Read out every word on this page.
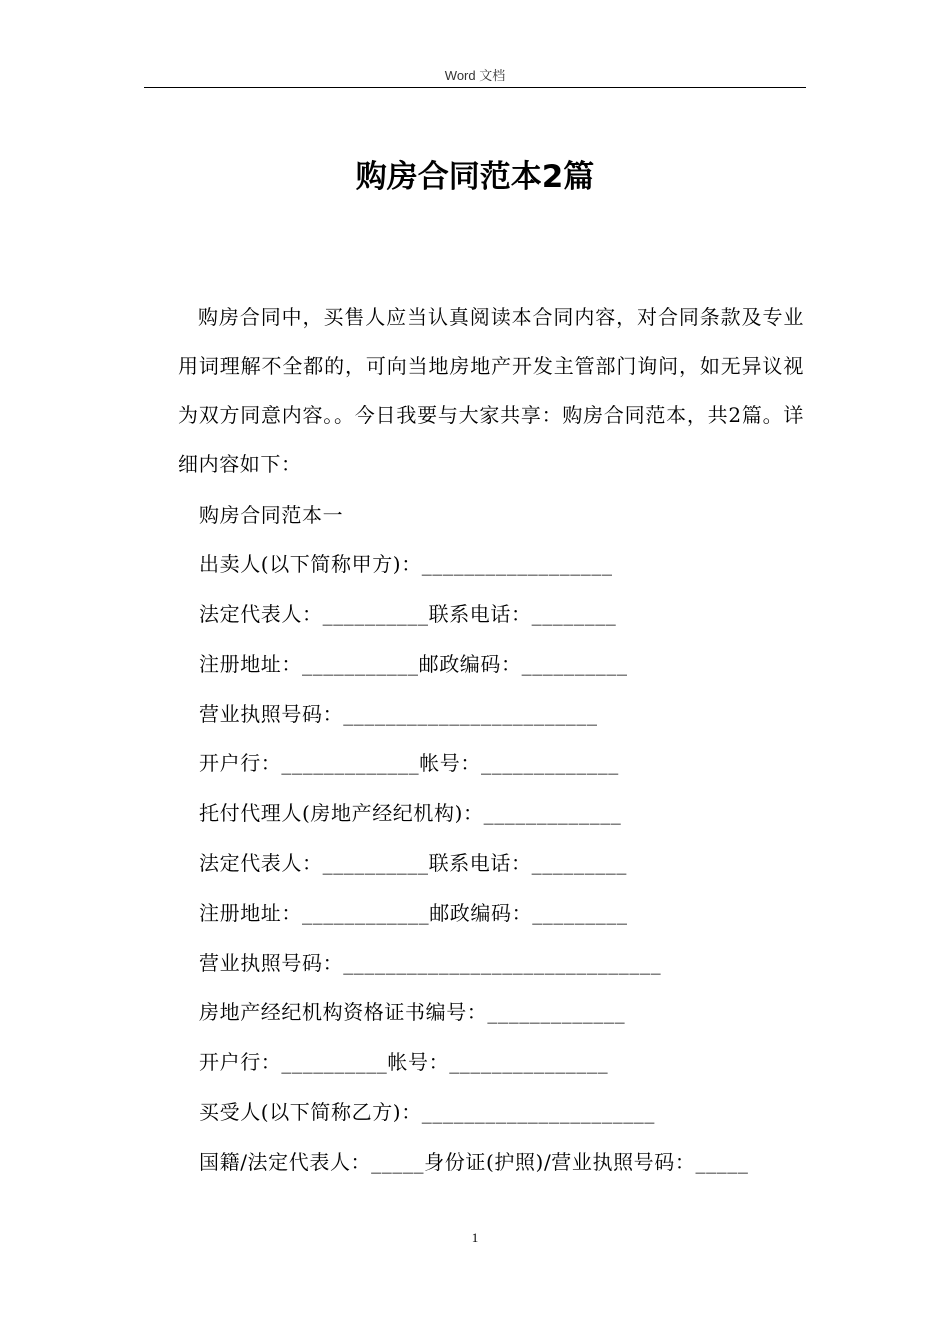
Word 文档
购房合同范本2篇

购房合同中，买售人应当认真阅读本合同内容，对合同条款及专业用词理解不全都的，可向当地房地产开发主管部门询问，如无异议视为双方同意内容。。今日我要与大家共享：购房合同范本，共2篇。详细内容如下：

购房合同范本一

出卖人(以下简称甲方)：__________________

法定代表人：__________联系电话：________

注册地址：___________邮政编码：__________

营业执照号码：________________________

开户行：_____________帐号：_____________

托付代理人(房地产经纪机构)：_____________

法定代表人：__________联系电话：_________

注册地址：____________邮政编码：_________

营业执照号码：______________________________

房地产经纪机构资格证书编号：_____________

开户行：__________帐号：_______________

买受人(以下简称乙方)：______________________

国籍/法定代表人：_____身份证(护照)/营业执照号码：_____

1
